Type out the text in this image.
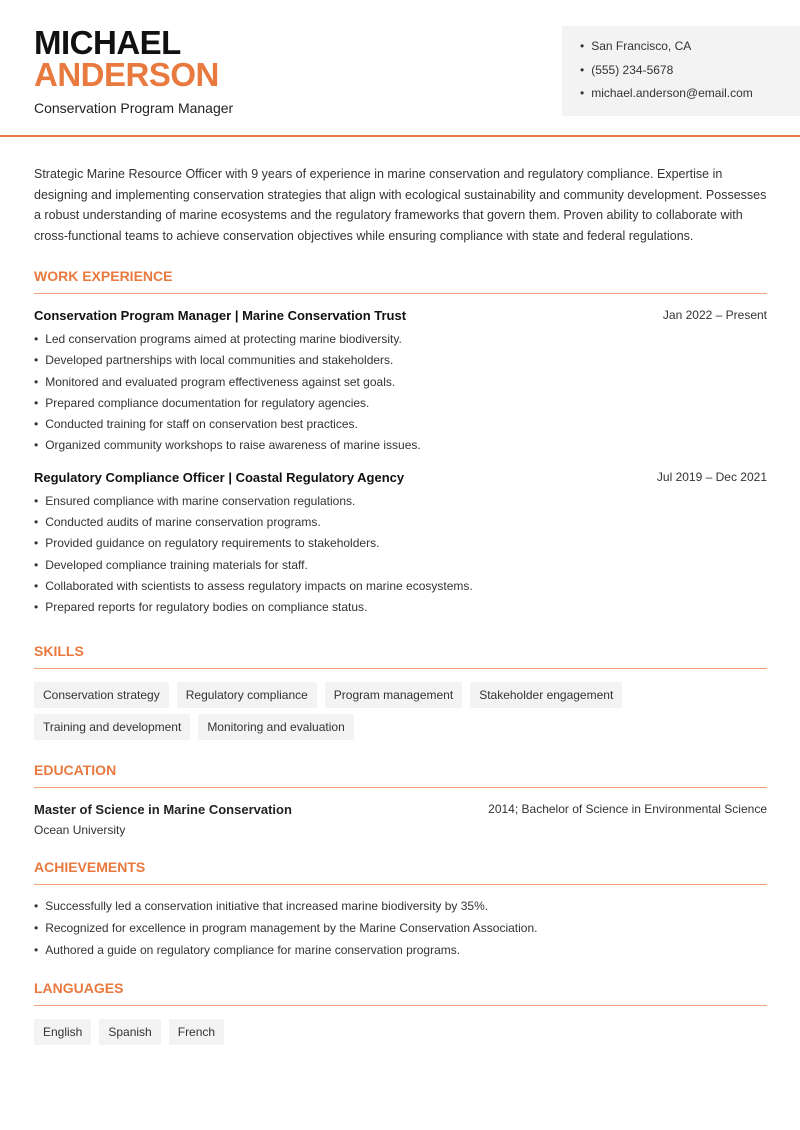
MICHAEL
ANDERSON
Conservation Program Manager
• San Francisco, CA
• (555) 234-5678
• michael.anderson@email.com

Strategic Marine Resource Officer with 9 years of experience in marine conservation and regulatory compliance. Expertise in designing and implementing conservation strategies that align with ecological sustainability and community development. Possesses a robust understanding of marine ecosystems and the regulatory frameworks that govern them. Proven ability to collaborate with cross-functional teams to achieve conservation objectives while ensuring compliance with state and federal regulations.

WORK EXPERIENCE
Conservation Program Manager | Marine Conservation Trust	Jan 2022 – Present
• Led conservation programs aimed at protecting marine biodiversity.
• Developed partnerships with local communities and stakeholders.
• Monitored and evaluated program effectiveness against set goals.
• Prepared compliance documentation for regulatory agencies.
• Conducted training for staff on conservation best practices.
• Organized community workshops to raise awareness of marine issues.
Regulatory Compliance Officer | Coastal Regulatory Agency	Jul 2019 – Dec 2021
• Ensured compliance with marine conservation regulations.
• Conducted audits of marine conservation programs.
• Provided guidance on regulatory requirements to stakeholders.
• Developed compliance training materials for staff.
• Collaborated with scientists to assess regulatory impacts on marine ecosystems.
• Prepared reports for regulatory bodies on compliance status.
SKILLS
Conservation strategy	Regulatory compliance	Program management	Stakeholder engagement
Training and development	Monitoring and evaluation
EDUCATION
Master of Science in Marine Conservation	2014; Bachelor of Science in Environmental Science
Ocean University
ACHIEVEMENTS
• Successfully led a conservation initiative that increased marine biodiversity by 35%.
• Recognized for excellence in program management by the Marine Conservation Association.
• Authored a guide on regulatory compliance for marine conservation programs.
LANGUAGES
English	Spanish	French
